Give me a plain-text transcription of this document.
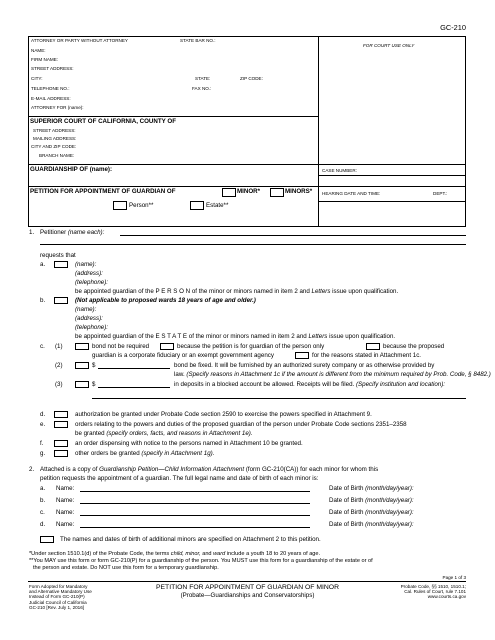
GC-210
ATTORNEY OR PARTY WITHOUT ATTORNEY	STATE BAR NO.:
FOR COURT USE ONLY
NAME:
FIRM NAME:
STREET ADDRESS:
CITY:	STATE:	ZIP CODE:
TELEPHONE NO.:	FAX NO.:
E-MAIL ADDRESS:
ATTORNEY FOR (name):
SUPERIOR COURT OF CALIFORNIA, COUNTY OF
STREET ADDRESS:
MAILING ADDRESS:
CITY AND ZIP CODE:
BRANCH NAME:
GUARDIANSHIP OF (name):	CASE NUMBER:
PETITION FOR APPOINTMENT OF GUARDIAN OF	MINOR*	MINORS* HEARING DATE AND TIME:	DEPT.:
Person**	Estate**
1. Petitioner (name each):
requests that
a.	(name):
(address):
(telephone):
be appointed guardian of the P E R S O N of the minor or minors named in item 2 and Letters issue upon qualification.
b.	(Not applicable to proposed wards 18 years of age and older.)
(name):
(address):
(telephone):
be appointed guardian of the E S T A T E of the minor or minors named in item 2 and Letters issue upon qualification.
c. (1)	bond not be required	because the petition is for guardian of the person only	because the proposed
guardian is a corporate fiduciary or an exempt government agency	for the reasons stated in Attachment 1c.
(2)	$	bond be fixed. It will be furnished by an authorized surety company or as otherwise provided by
law. (Specify reasons in Attachment 1c if the amount is different from the minimum required by Prob. Code, § 8482.)
(3)	$	in deposits in a blocked account be allowed. Receipts will be filed. (Specify institution and location):
d.	authorization be granted under Probate Code section 2590 to exercise the powers specified in Attachment 9.
e.	orders relating to the powers and duties of the proposed guardian of the person under Probate Code sections 2351–2358
be granted (specify orders, facts, and reasons in Attachment 1e).
f.	an order dispensing with notice to the persons named in Attachment 10 be granted.
g.	other orders be granted (specify in Attachment 1g).
2. Attached is a copy of Guardianship Petition—Child Information Attachment (form GC-210(CA)) for each minor for whom this
petition requests the appointment of a guardian. The full legal name and date of birth of each minor is:
a. Name:	Date of Birth (month/day/year):
b. Name:	Date of Birth (month/day/year):
c. Name:	Date of Birth (month/day/year):
d. Name:	Date of Birth (month/day/year):
The names and dates of birth of additional minors are specified on Attachment 2 to this petition.
*Under section 1510.1(d) of the Probate Code, the terms child, minor, and ward include a youth 18 to 20 years of age.
**You MAY use this form or form GC-210(P) for a guardianship of the person. You MUST use this form for a guardianship of the estate or of
the person and estate. Do NOT use this form for a temporary guardianship.
Page 1 of 3
Form Adopted for Mandatory
and Alternative Mandatory Use
Instead of Form GC-210(P)
Judicial Council of California
GC-210 [Rev. July 1, 2016]
PETITION FOR APPOINTMENT OF GUARDIAN OF MINOR
(Probate—Guardianships and Conservatorships)
Probate Code, §§ 1510, 1510.1;
Cal. Rules of Court, rule 7.101
www.courts.ca.gov
